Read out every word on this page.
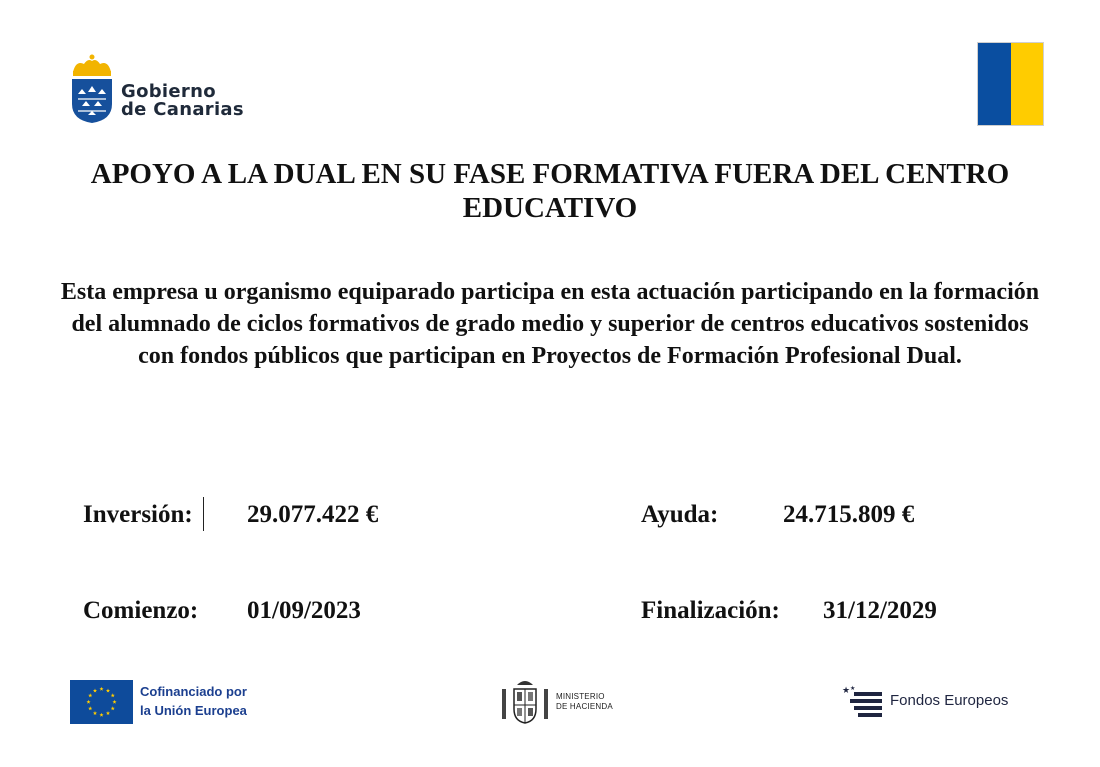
Gobierno
de Canarias
APOYO A LA DUAL EN SU FASE FORMATIVA FUERA DEL CENTRO EDUCATIVO

Esta empresa u organismo equiparado participa en esta actuación participando en la formación del alumnado de ciclos formativos de grado medio y superior de centros educativos sostenidos con fondos públicos que participan en Proyectos de Formación Profesional Dual.

Inversión: 29.077.422 €	Ayuda:	24.715.809 €
Comienzo: 01/09/2023	Finalización: 31/12/2029
Cofinanciado por
la Unión Europea
MINISTERIO
DE HACIENDA
★ ★
Fondos Europeos
